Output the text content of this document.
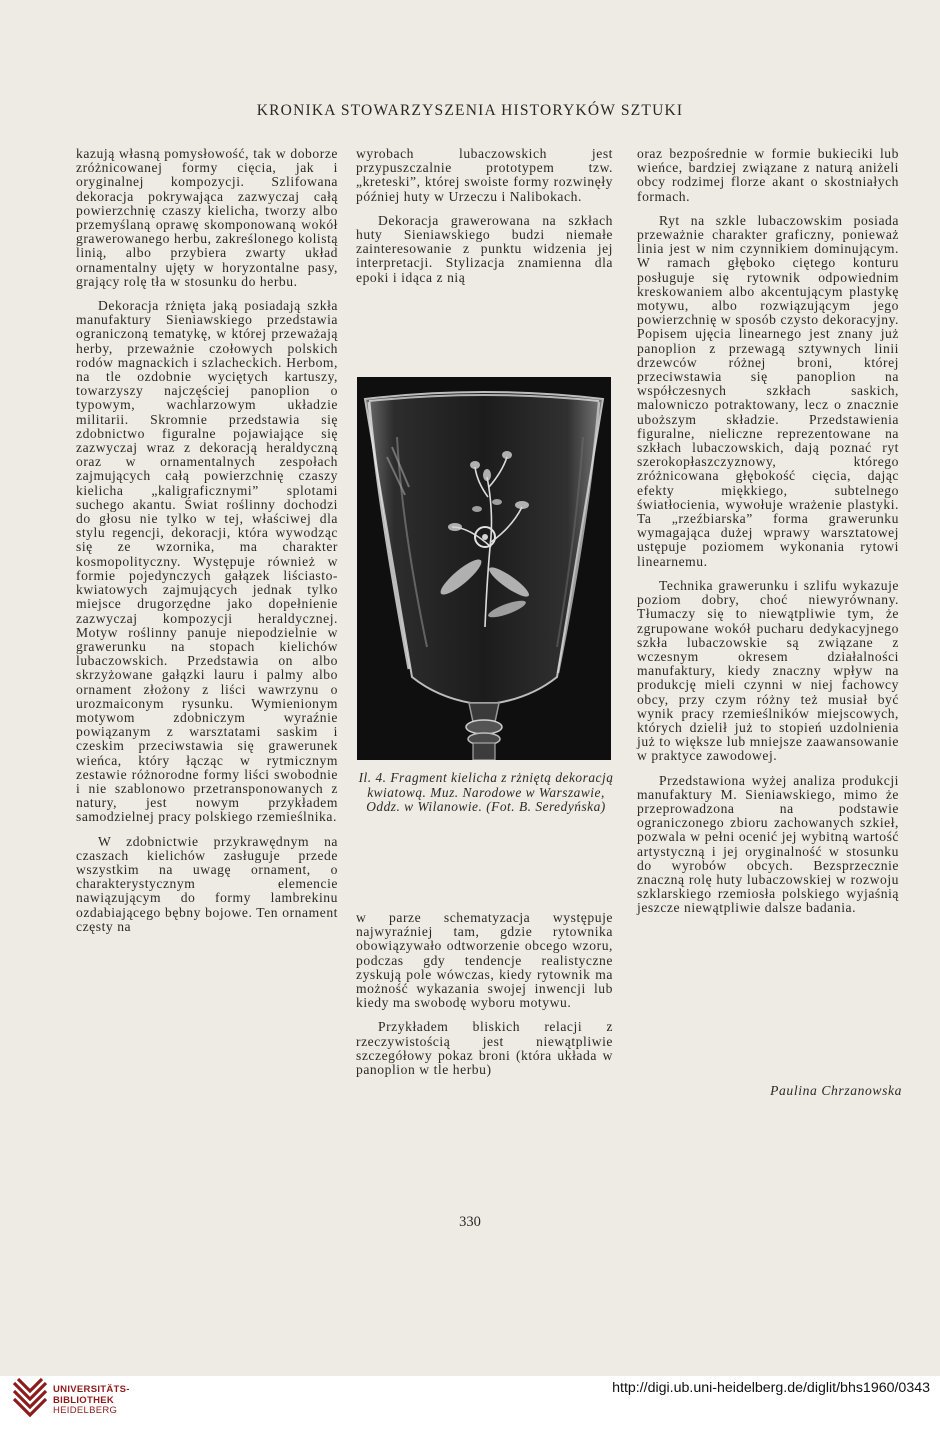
KRONIKA STOWARZYSZENIA HISTORYKÓW SZTUKI

kazują własną pomysłowość, tak w doborze zróżnicowanej formy cięcia, jak i oryginalnej kompozycji. Szlifowana dekoracja pokrywająca zazwyczaj całą powierzchnię czaszy kielicha, tworzy albo przemyślaną oprawę skomponowaną wokół grawerowanego herbu, zakreślonego kolistą linią, albo przybiera zwarty układ ornamentalny ujęty w horyzontalne pasy, grający rolę tła w stosunku do herbu.

Dekoracja rżnięta jaką posiadają szkła manufaktury Sieniawskiego przedstawia ograniczoną tematykę, w której przeważają herby, przeważnie czołowych polskich rodów magnackich i szlacheckich. Herbom, na tle ozdobnie wyciętych kartuszy, towarzyszy najczęściej panoplion o typowym, wachlarzowym układzie militarii. Skromnie przedstawia się zdobnictwo figuralne pojawiające się zazwyczaj wraz z dekoracją heraldyczną oraz w ornamentalnych zespołach zajmujących całą powierzchnię czaszy kielicha „kaligraficznymi” splotami suchego akantu. Świat roślinny dochodzi do głosu nie tylko w tej, właściwej dla stylu regencji, dekoracji, która wywodząc się ze wzornika, ma charakter kosmopolityczny. Występuje również w formie pojedynczych gałązek liściasto-kwiatowych zajmujących jednak tylko miejsce drugorzędne jako dopełnienie zazwyczaj kompozycji heraldycznej. Motyw roślinny panuje niepodzielnie w grawerunku na stopach kielichów lubaczowskich. Przedstawia on albo skrzyżowane gałązki lauru i palmy albo ornament złożony z liści wawrzynu o urozmaiconym rysunku. Wymienionym motywom zdobniczym wyraźnie powiązanym z warsztatami saskim i czeskim przeciwstawia się grawerunek wieńca, który łącząc w rytmicznym zestawie różnorodne formy liści swobodnie i nie szablonowo przetransponowanych z natury, jest nowym przykładem samodzielnej pracy polskiego rzemieślnika.

W zdobnictwie przykrawędnym na czaszach kielichów zasługuje przede wszystkim na uwagę ornament, o charakterystycznym elemencie nawiązującym do formy lambrekinu ozdabiającego bębny bojowe. Ten ornament częsty na

wyrobach lubaczowskich jest przypuszczalnie prototypem tzw. „kreteski”, której swoiste formy rozwinęły później huty w Urzeczu i Nalibokach.

Dekoracja grawerowana na szkłach huty Sieniawskiego budzi niemałe zainteresowanie z punktu widzenia jej interpretacji. Stylizacja znamienna dla epoki i idąca z nią

Il. 4. Fragment kielicha z rżniętą dekoracją kwiatową. Muz. Narodowe w Warszawie, Oddz. w Wilanowie. (Fot. B. Seredyńska)

w parze schematyzacja występuje najwyraźniej tam, gdzie rytownika obowiązywało odtworzenie obcego wzoru, podczas gdy tendencje realistyczne zyskują pole wówczas, kiedy rytownik ma możność wykazania swojej inwencji lub kiedy ma swobodę wyboru motywu.

Przykładem bliskich relacji z rzeczywistością jest niewątpliwie szczegółowy pokaz broni (która układa w panoplion w tle herbu)

oraz bezpośrednie w formie bukieciki lub wieńce, bardziej związane z naturą aniżeli obcy rodzimej florze akant o skostniałych formach.

Ryt na szkle lubaczowskim posiada przeważnie charakter graficzny, ponieważ linia jest w nim czynnikiem dominującym. W ramach głęboko ciętego konturu posługuje się rytownik odpowiednim kreskowaniem albo akcentującym plastykę motywu, albo rozwiązującym jego powierzchnię w sposób czysto dekoracyjny. Popisem ujęcia linearnego jest znany już panoplion z przewagą sztywnych linii drzewców różnej broni, której przeciwstawia się panoplion na współczesnych szkłach saskich, malowniczo potraktowany, lecz o znacznie uboższym składzie. Przedstawienia figuralne, nieliczne reprezentowane na szkłach lubaczowskich, dają poznać ryt szerokopłaszczyznowy, którego zróżnicowana głębokość cięcia, dając efekty miękkiego, subtelnego światłocienia, wywołuje wrażenie plastyki. Ta „rzeźbiarska” forma grawerunku wymagająca dużej wprawy warsztatowej ustępuje poziomem wykonania rytowi linearnemu.

Technika grawerunku i szlifu wykazuje poziom dobry, choć niewyrównany. Tłumaczy się to niewątpliwie tym, że zgrupowane wokół pucharu dedykacyjnego szkła lubaczowskie są związane z wczesnym okresem działalności manufaktury, kiedy znaczny wpływ na produkcję mieli czynni w niej fachowcy obcy, przy czym różny też musiał być wynik pracy rzemieślników miejscowych, których dzielił już to stopień uzdolnienia już to większe lub mniejsze zaawansowanie w praktyce zawodowej.

Przedstawiona wyżej analiza produkcji manufaktury M. Sieniawskiego, mimo że przeprowadzona na podstawie ograniczonego zbioru zachowanych szkieł, pozwala w pełni ocenić jej wybitną wartość artystyczną i jej oryginalność w stosunku do wyrobów obcych. Bezsprzecznie znaczną rolę huty lubaczowskiej w rozwoju szklarskiego rzemiosła polskiego wyjaśnią jeszcze niewątpliwie dalsze badania.

Paulina Chrzanowska
330
UNIVERSITÄTS-
BIBLIOTHEK
HEIDELBERG
http://digi.ub.uni-heidelberg.de/diglit/bhs1960/0343
